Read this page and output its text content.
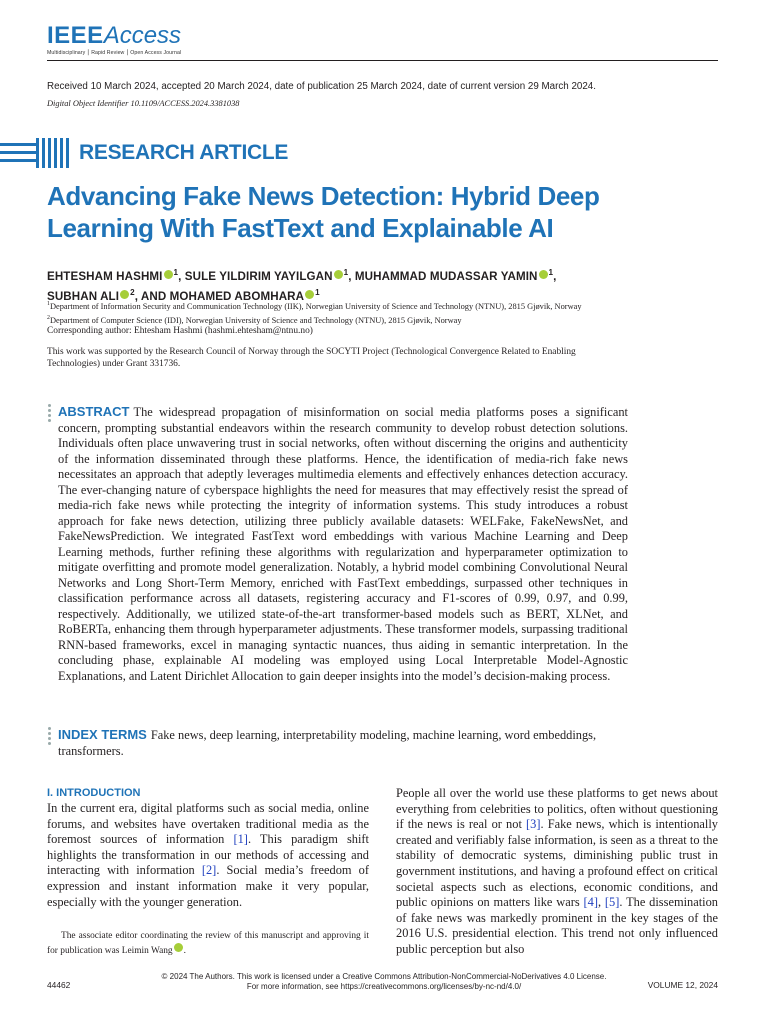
IEEEAccess
Multidisciplinary ⎮ Rapid Review ⎮ Open Access Journal
Received 10 March 2024, accepted 20 March 2024, date of publication 25 March 2024, date of current version 29 March 2024.
Digital Object Identifier 10.1109/ACCESS.2024.3381038
RESEARCH ARTICLE
Advancing Fake News Detection: Hybrid Deep
Learning With FastText and Explainable AI
EHTESHAM HASHMI $^1$, SULE YILDIRIM YAYILGAN $^1$, MUHAMMAD MUDASSAR YAMIN $^1$,
SUBHAN ALI $^2$, AND MOHAMED ABOMHARA $^1$
$^1$Department of Information Security and Communication Technology (IIK), Norwegian University of Science and Technology (NTNU), 2815 Gjøvik, Norway
$^2$Department of Computer Science (IDI), Norwegian University of Science and Technology (NTNU), 2815 Gjøvik, Norway
Corresponding author: Ehtesham Hashmi (hashmi.ehtesham@ntnu.no)
This work was supported by the Research Council of Norway through the SOCYTI Project (Technological Convergence Related to Enabling Technologies) under Grant 331736.
ABSTRACT The widespread propagation of misinformation on social media platforms poses a significant concern, prompting substantial endeavors within the research community to develop robust detection solutions. Individuals often place unwavering trust in social networks, often without discerning the origins and authenticity of the information disseminated through these platforms. Hence, the identification of media-rich fake news necessitates an approach that adeptly leverages multimedia elements and effectively enhances detection accuracy. The ever-changing nature of cyberspace highlights the need for measures that may effectively resist the spread of media-rich fake news while protecting the integrity of information systems. This study introduces a robust approach for fake news detection, utilizing three publicly available datasets: WELFake, FakeNewsNet, and FakeNewsPrediction. We integrated FastText word embeddings with various Machine Learning and Deep Learning methods, further refining these algorithms with regularization and hyperparameter optimization to mitigate overfitting and promote model generalization. Notably, a hybrid model combining Convolutional Neural Networks and Long Short-Term Memory, enriched with FastText embeddings, surpassed other techniques in classification performance across all datasets, registering accuracy and F1-scores of 0.99, 0.97, and 0.99, respectively. Additionally, we utilized state-of-the-art transformer-based models such as BERT, XLNet, and RoBERTa, enhancing them through hyperparameter adjustments. These transformer models, surpassing traditional RNN-based frameworks, excel in managing syntactic nuances, thus aiding in semantic interpretation. In the concluding phase, explainable AI modeling was employed using Local Interpretable Model-Agnostic Explanations, and Latent Dirichlet Allocation to gain deeper insights into the model’s decision-making process.
INDEX TERMS Fake news, deep learning, interpretability modeling, machine learning, word embeddings, transformers.
I. INTRODUCTION
In the current era, digital platforms such as social media, online forums, and websites have overtaken traditional media as the foremost sources of information [1]. This paradigm shift highlights the transformation in our methods of accessing and interacting with information [2]. Social media’s freedom of expression and instant information make it very popular, especially with the younger generation.
The associate editor coordinating the review of this manuscript and approving it for publication was Leimin Wang .
People all over the world use these platforms to get news about everything from celebrities to politics, often without questioning if the news is real or not [3]. Fake news, which is intentionally created and verifiably false information, is seen as a threat to the stability of democratic systems, diminishing public trust in government institutions, and having a profound effect on critical societal aspects such as elections, economic conditions, and public opinions on matters like wars [4], [5]. The dissemination of fake news was markedly prominent in the key stages of the 2016 U.S. presidential election. This trend not only influenced public perception but also
44462
© 2024 The Authors. This work is licensed under a Creative Commons Attribution-NonCommercial-NoDerivatives 4.0 License.
For more information, see https://creativecommons.org/licenses/by-nc-nd/4.0/	VOLUME 12, 2024
